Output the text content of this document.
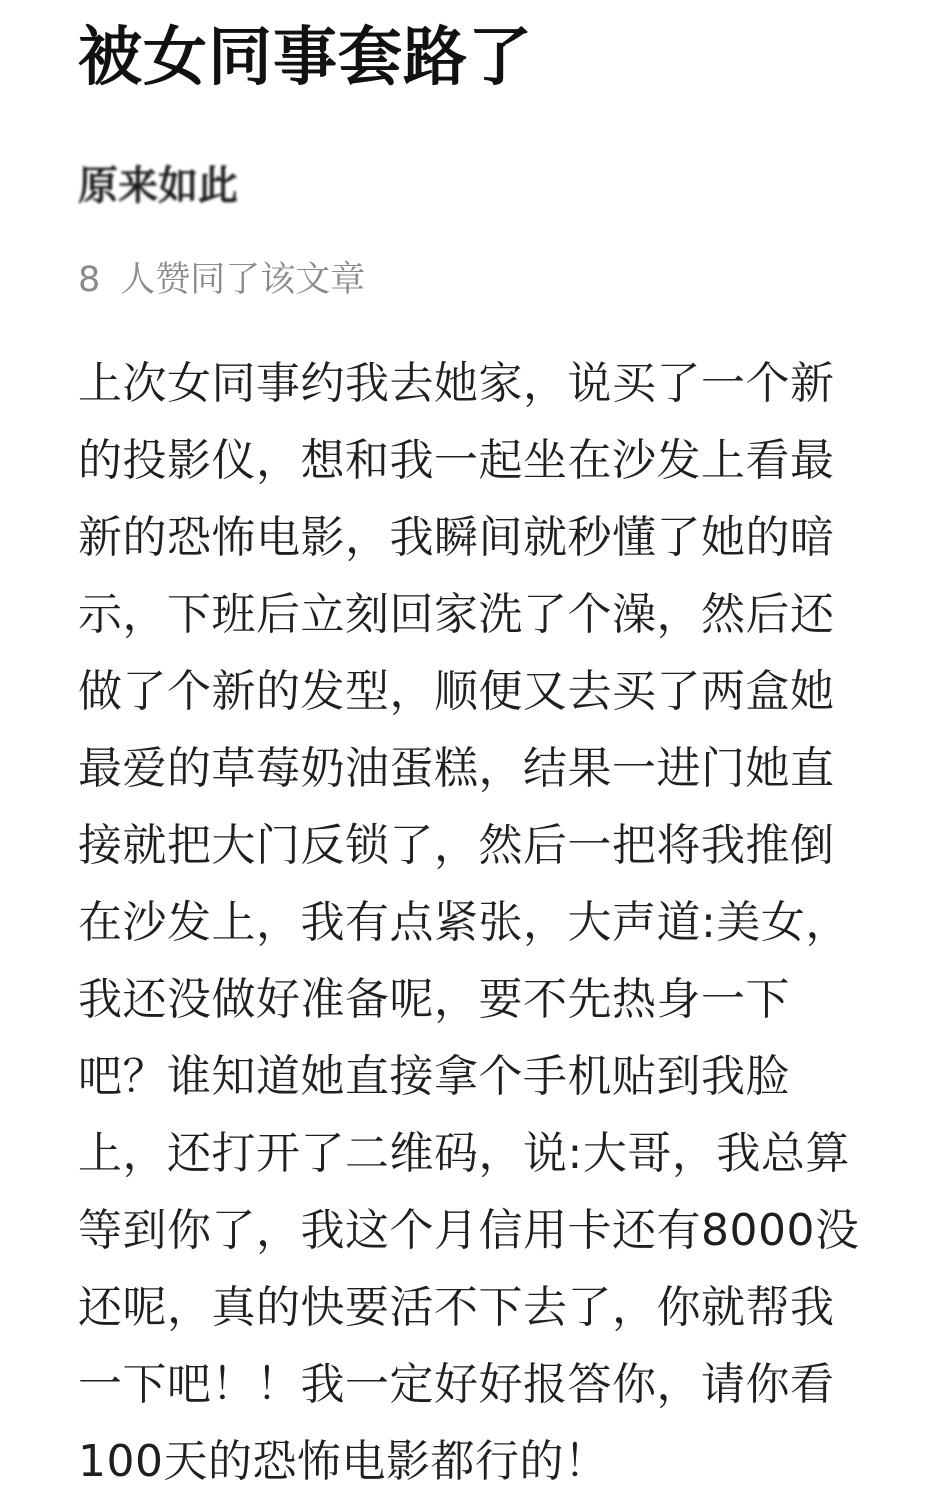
被女同事套路了
原来如此
8 人赞同了该文章
上次女同事约我去她家，说买了一个新
的投影仪，想和我一起坐在沙发上看最
新的恐怖电影，我瞬间就秒懂了她的暗
示，下班后立刻回家洗了个澡，然后还
做了个新的发型，顺便又去买了两盒她
最爱的草莓奶油蛋糕，结果一进门她直
接就把大门反锁了，然后一把将我推倒
在沙发上，我有点紧张，大声道:美女，
我还没做好准备呢，要不先热身一下
吧？谁知道她直接拿个手机贴到我脸
上，还打开了二维码，说:大哥，我总算
等到你了，我这个月信用卡还有8000没
还呢，真的快要活不下去了，你就帮我
一下吧！！我一定好好报答你，请你看
100天的恐怖电影都行的！
